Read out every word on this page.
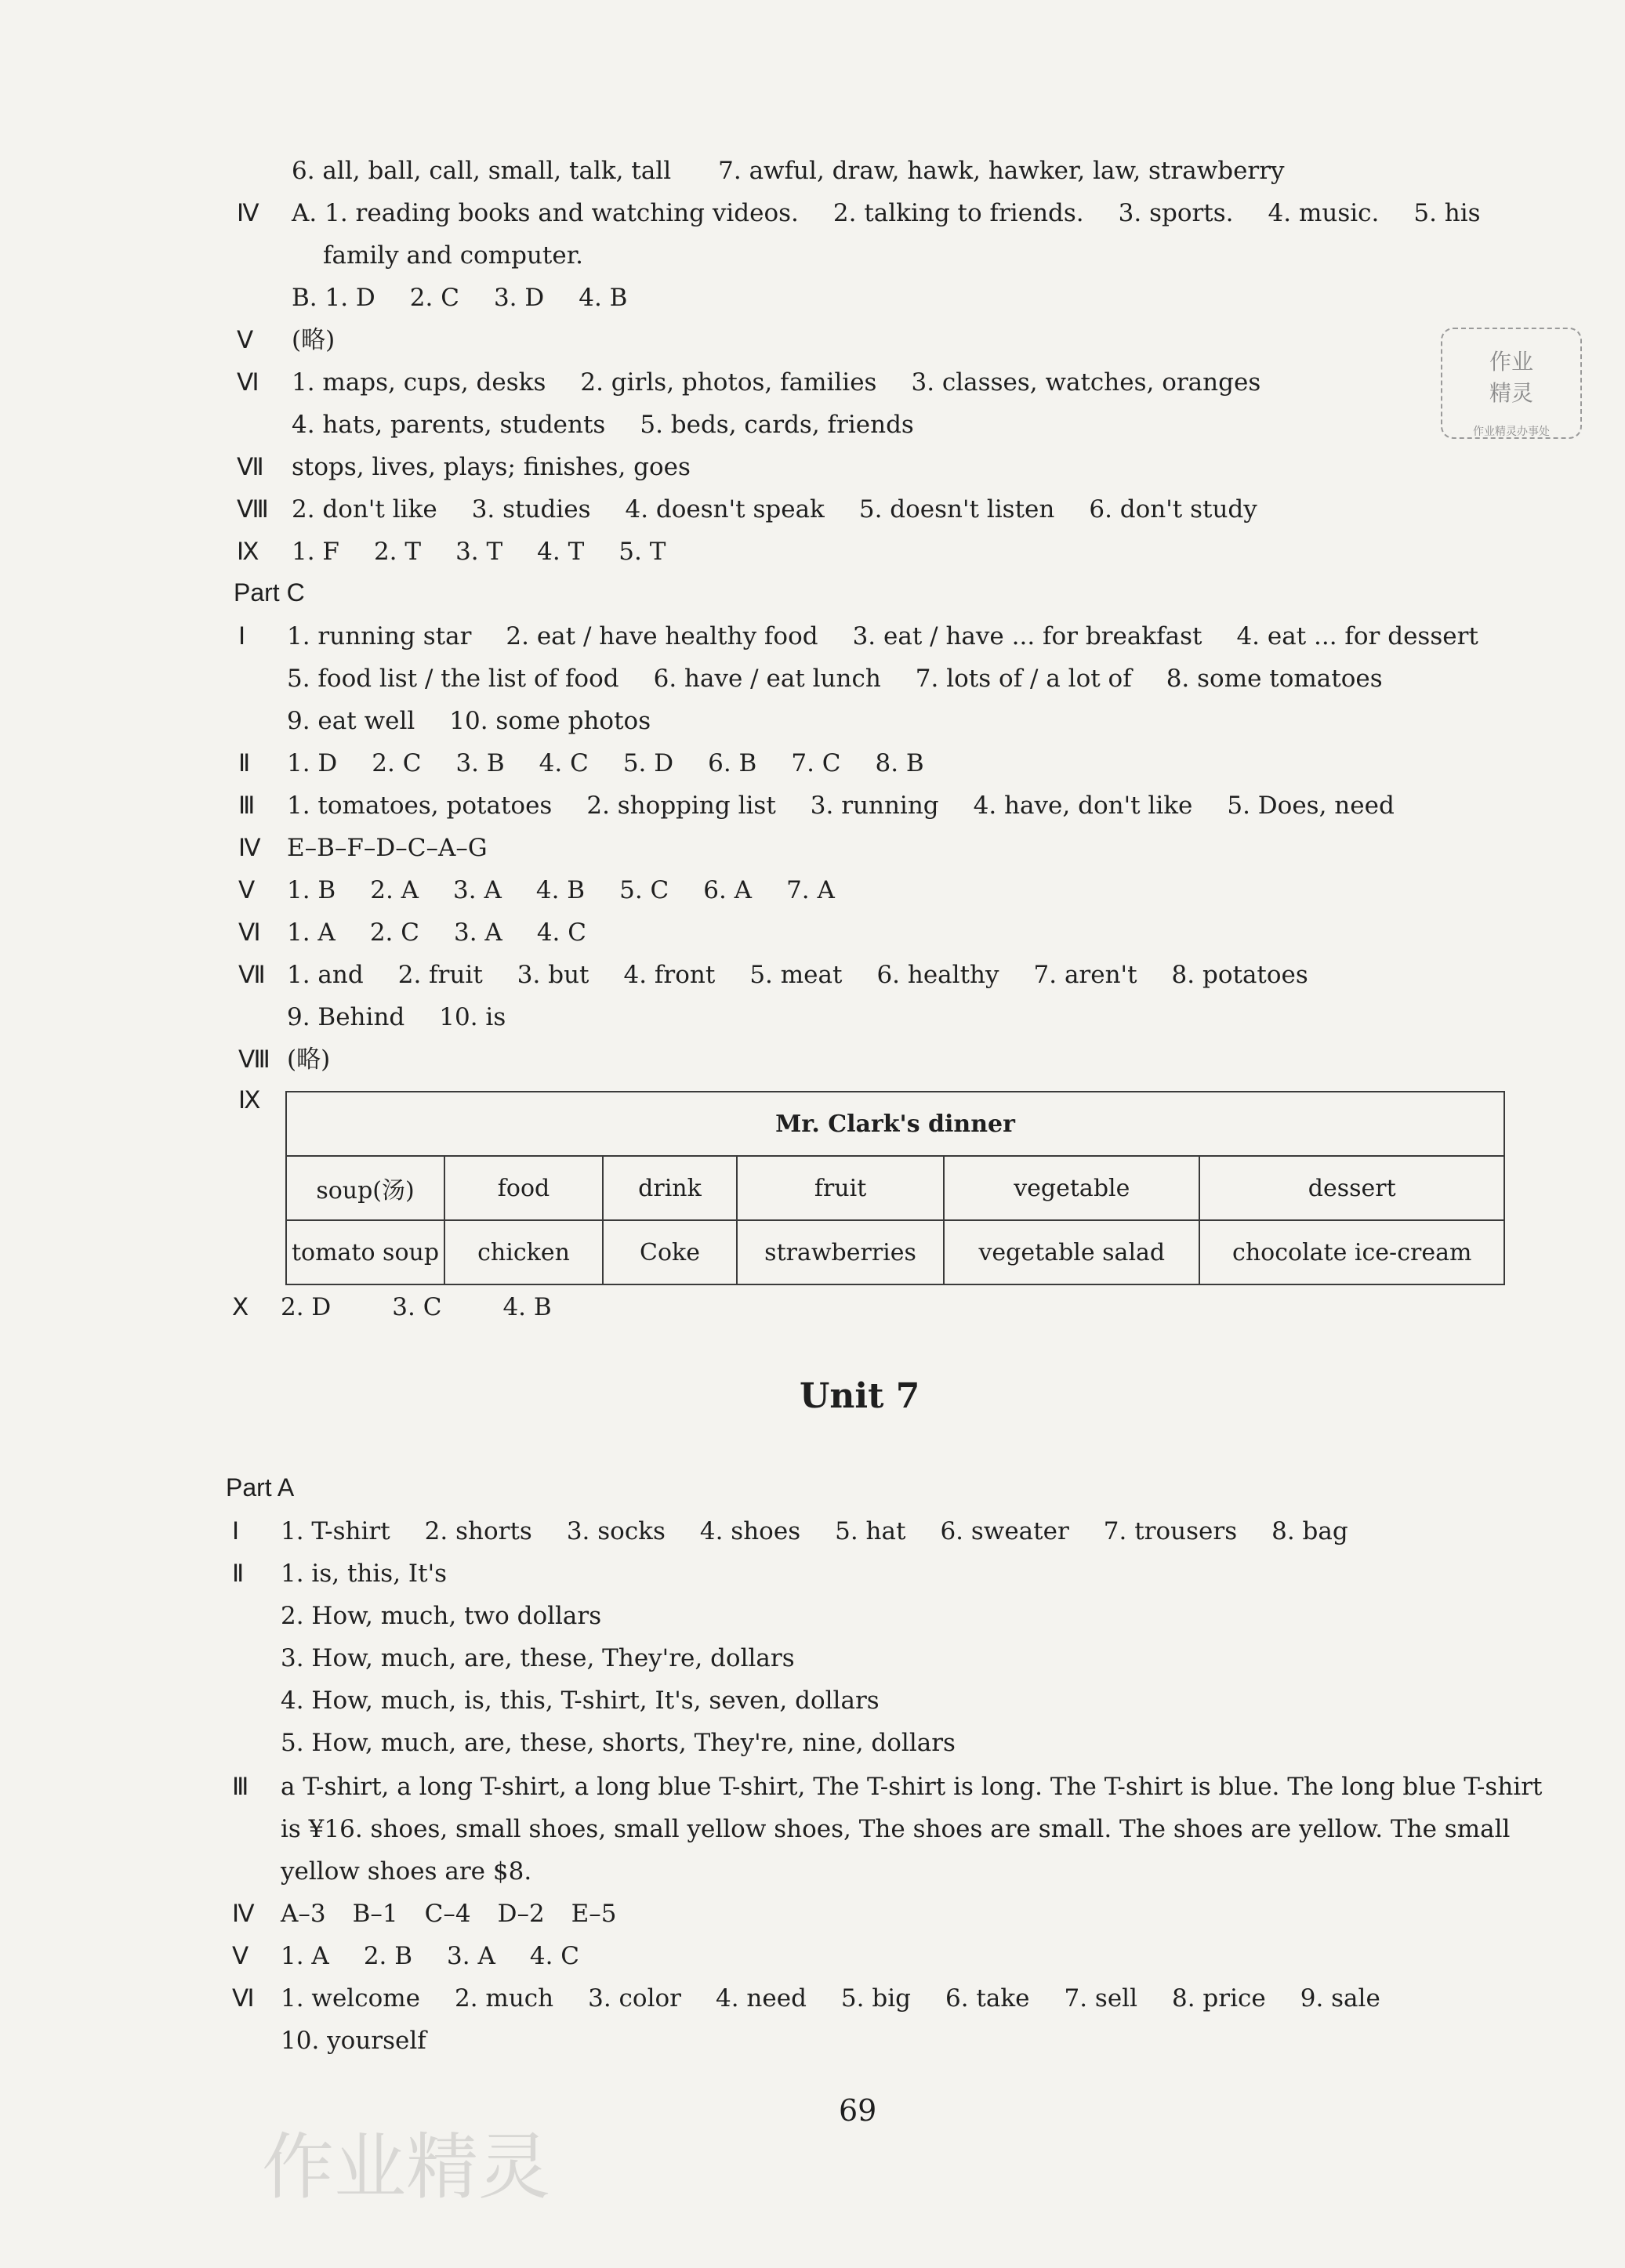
作业
精灵
作业精灵办事处
作业精灵
6. all, ball, call, small, talk, tall 7. awful, draw, hawk, hawker, law, strawberry
Ⅳ A. 1. reading books and watching videos. 2. talking to friends. 3. sports. 4. music. 5. his
family and computer.
B. 1. D 2. C 3. D 4. B
Ⅴ (略)
Ⅵ 1. maps, cups, desks 2. girls, photos, families 3. classes, watches, oranges
4. hats, parents, students 5. beds, cards, friends
Ⅶ stops, lives, plays; finishes, goes
Ⅷ 2. don't like 3. studies 4. doesn't speak 5. doesn't listen 6. don't study
Ⅸ 1. F 2. T 3. T 4. T 5. T
Part C
Ⅰ 1. running star 2. eat / have healthy food 3. eat / have ... for breakfast 4. eat ... for dessert
5. food list / the list of food 6. have / eat lunch 7. lots of / a lot of 8. some tomatoes
9. eat well 10. some photos
Ⅱ 1. D 2. C 3. B 4. C 5. D 6. B 7. C 8. B
Ⅲ 1. tomatoes, potatoes 2. shopping list 3. running 4. have, don't like 5. Does, need
Ⅳ E–B–F–D–C–A–G
Ⅴ 1. B 2. A 3. A 4. B 5. C 6. A 7. A
Ⅵ 1. A 2. C 3. A 4. C
Ⅶ 1. and 2. fruit 3. but 4. front 5. meat 6. healthy 7. aren't 8. potatoes
9. Behind 10. is
Ⅷ (略)
Ⅸ
Mr. Clark's dinner					
soup(汤)	food	drink	fruit	vegetable	dessert
tomato soup	chicken	Coke	strawberries	vegetable salad	chocolate ice-cream
Ⅹ 2. D	3. C	4. B
Unit 7
Part A
Ⅰ 1. T-shirt 2. shorts 3. socks 4. shoes 5. hat 6. sweater 7. trousers 8. bag
Ⅱ 1. is, this, It's
2. How, much, two dollars
3. How, much, are, these, They're, dollars
4. How, much, is, this, T-shirt, It's, seven, dollars
5. How, much, are, these, shorts, They're, nine, dollars
Ⅲ a T-shirt, a long T-shirt, a long blue T-shirt, The T-shirt is long. The T-shirt is blue. The long blue T-shirt
is ¥16. shoes, small shoes, small yellow shoes, The shoes are small. The shoes are yellow. The small
yellow shoes are $8.
Ⅳ A–3 B–1 C–4 D–2 E–5
Ⅴ 1. A 2. B 3. A 4. C
Ⅵ 1. welcome 2. much 3. color 4. need 5. big 6. take 7. sell 8. price 9. sale
10. yourself
69
